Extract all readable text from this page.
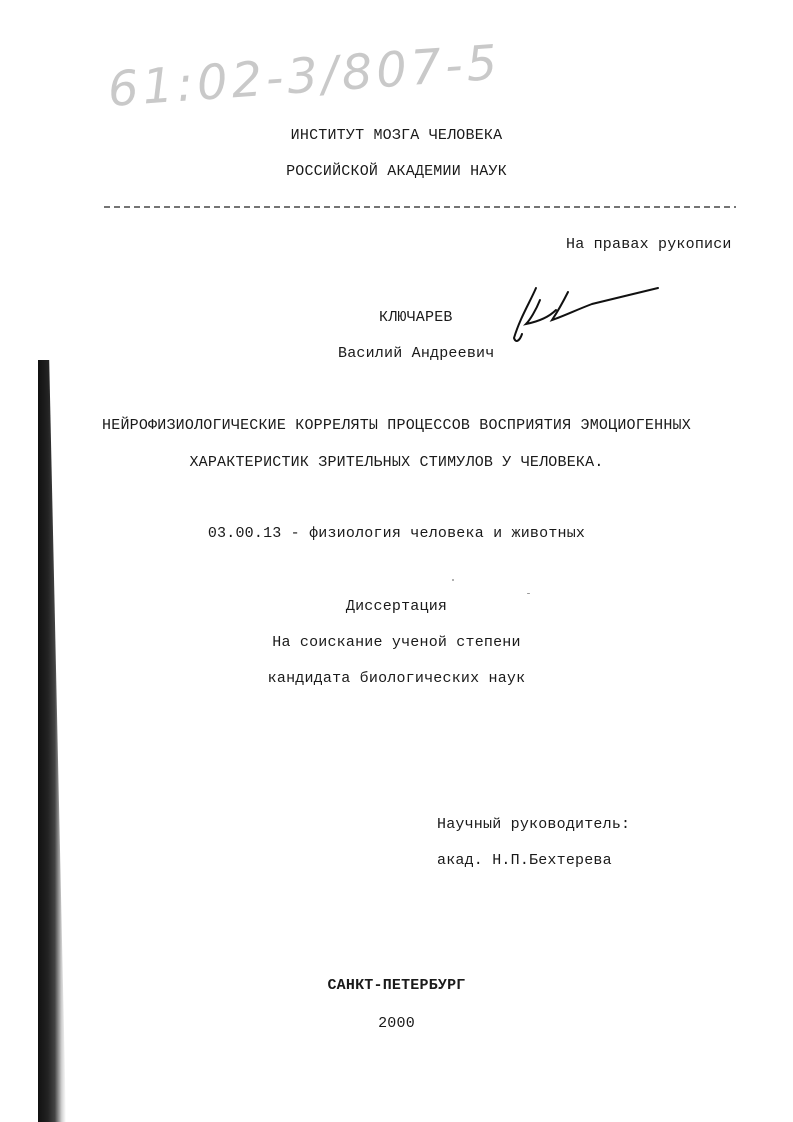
61:02-3/807-5
ИНСТИТУТ МОЗГА ЧЕЛОВЕКА
РОССИЙСКОЙ АКАДЕМИИ НАУК
На правах рукописи
КЛЮЧАРЕВ
Василий Андреевич
НЕЙРОФИЗИОЛОГИЧЕСКИЕ КОРРЕЛЯТЫ ПРОЦЕССОВ ВОСПРИЯТИЯ ЭМОЦИОГЕННЫХ
ХАРАКТЕРИСТИК ЗРИТЕЛЬНЫХ СТИМУЛОВ У ЧЕЛОВЕКА.
03.00.13 - физиология человека и животных
Диссертация
На соискание ученой степени
кандидата биологических наук
Научный руководитель:
акад. Н.П.Бехтерева
САНКТ-ПЕТЕРБУРГ
2000
